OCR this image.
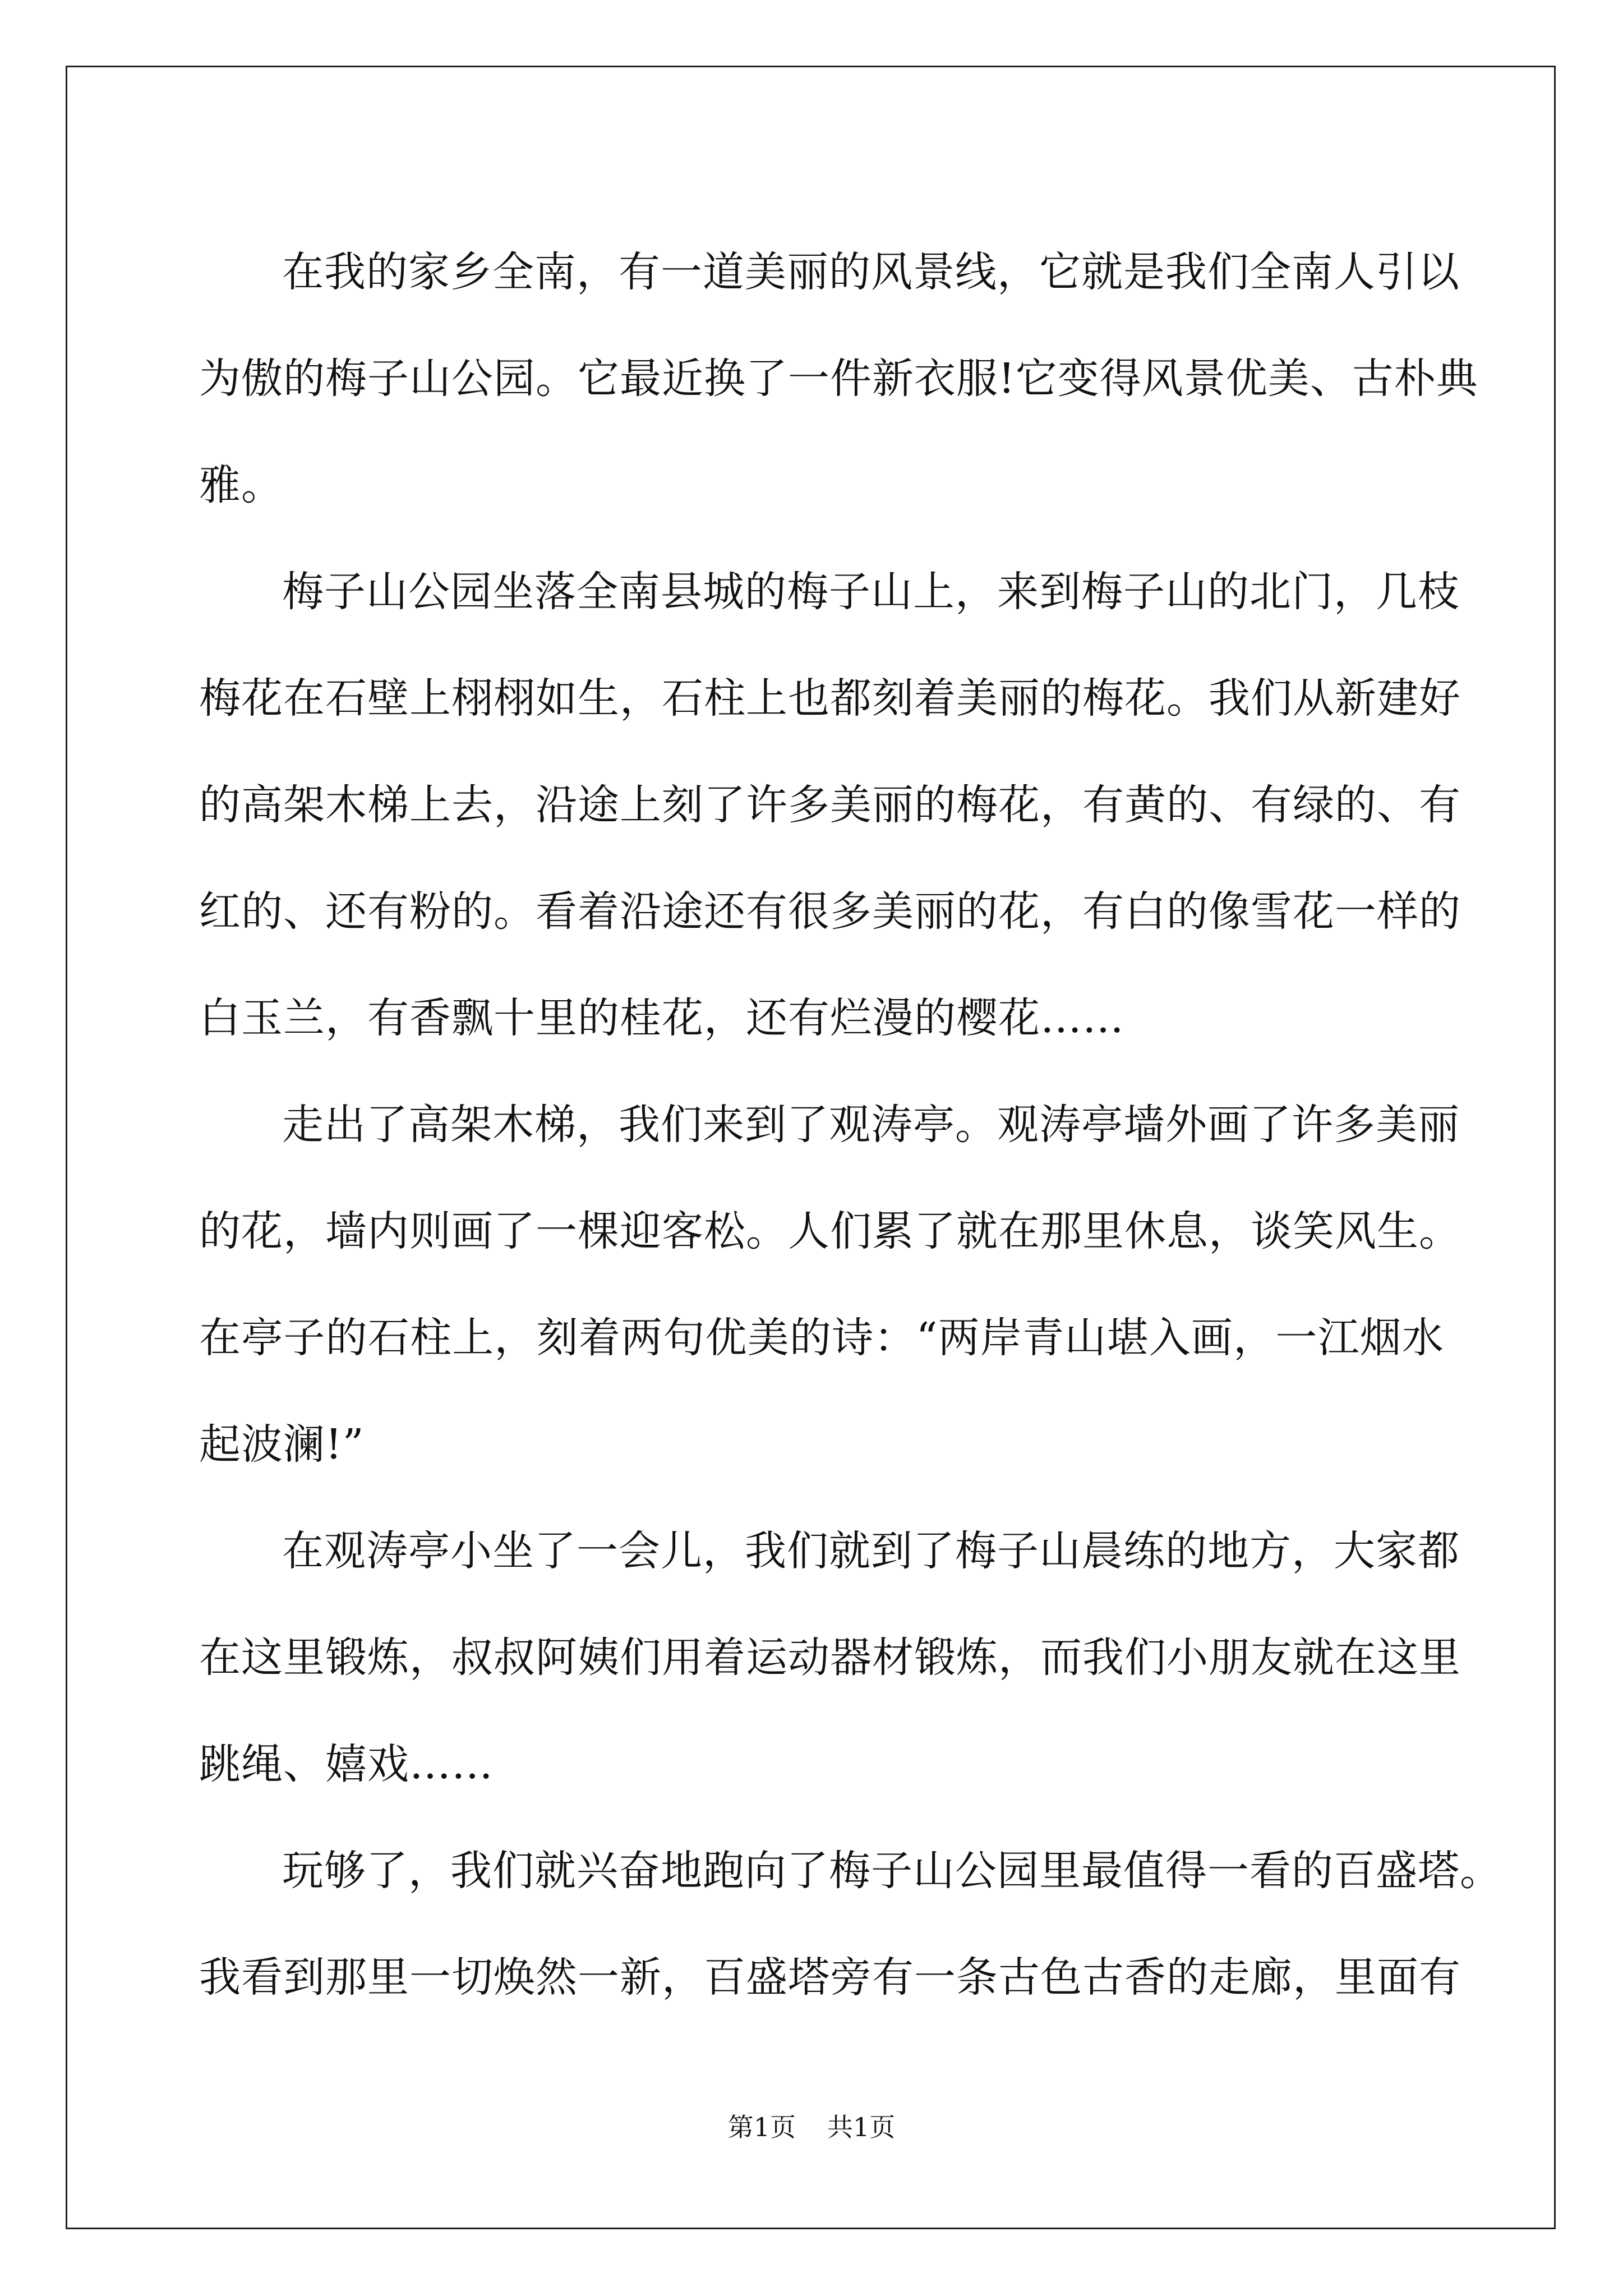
在我的家乡全南，有一道美丽的风景线，它就是我们全南人引以
为傲的梅子山公园。它最近换了一件新衣服!它变得风景优美、古朴典
雅。
梅子山公园坐落全南县城的梅子山上，来到梅子山的北门，几枝
梅花在石壁上栩栩如生，石柱上也都刻着美丽的梅花。我们从新建好
的高架木梯上去，沿途上刻了许多美丽的梅花，有黄的、有绿的、有
红的、还有粉的。看着沿途还有很多美丽的花，有白的像雪花一样的
白玉兰，有香飘十里的桂花，还有烂漫的樱花……
走出了高架木梯，我们来到了观涛亭。观涛亭墙外画了许多美丽
的花，墙内则画了一棵迎客松。人们累了就在那里休息，谈笑风生。
在亭子的石柱上，刻着两句优美的诗：“两岸青山堪入画，一江烟水
起波澜!”
在观涛亭小坐了一会儿，我们就到了梅子山晨练的地方，大家都
在这里锻炼，叔叔阿姨们用着运动器材锻炼，而我们小朋友就在这里
跳绳、嬉戏……
玩够了，我们就兴奋地跑向了梅子山公园里最值得一看的百盛塔。
我看到那里一切焕然一新，百盛塔旁有一条古色古香的走廊，里面有
第1页 共1页
